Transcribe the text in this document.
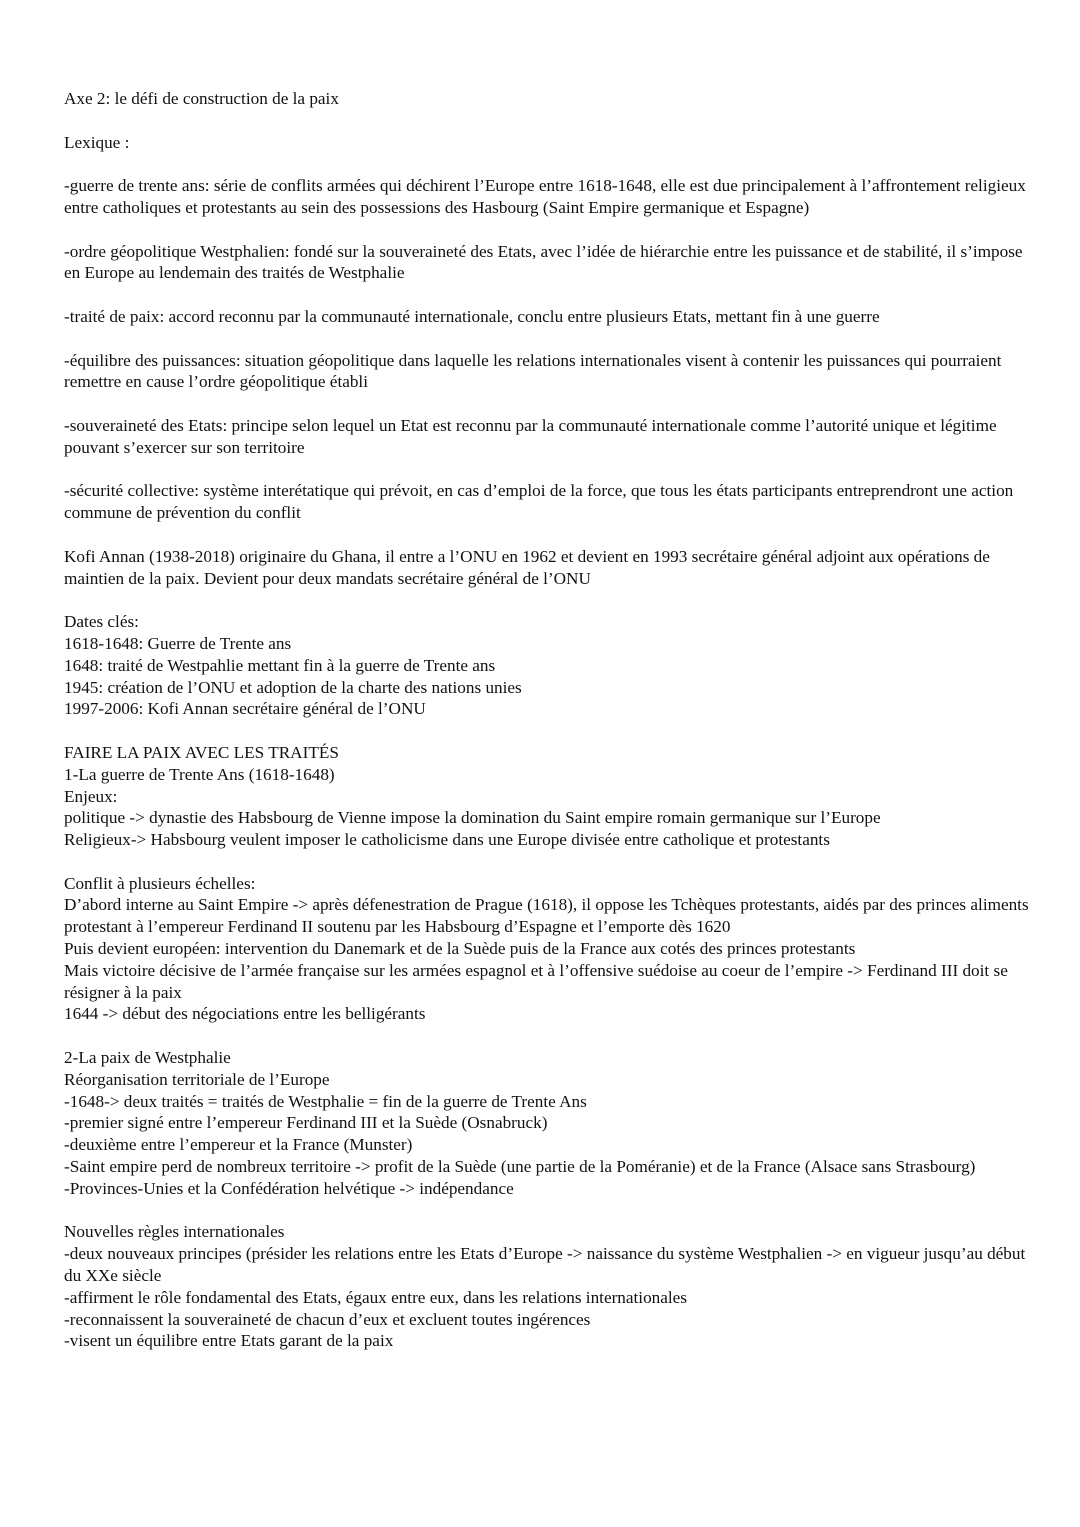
Axe 2: le défi de construction de la paix

Lexique :

-guerre de trente ans: série de conflits armées qui déchirent l’Europe entre 1618-1648, elle est due principalement à l’affrontement religieux entre catholiques et protestants au sein des possessions des Hasbourg (Saint Empire germanique et Espagne)

-ordre géopolitique Westphalien: fondé sur la souveraineté des Etats, avec l’idée de hiérarchie entre les puissance et de stabilité, il s’impose en Europe au lendemain des traités de Westphalie

-traité de paix: accord reconnu par la communauté internationale, conclu entre plusieurs Etats, mettant fin à une guerre

-équilibre des puissances: situation géopolitique dans laquelle les relations internationales visent à contenir les puissances qui pourraient remettre en cause l’ordre géopolitique établi

-souveraineté des Etats: principe selon lequel un Etat est reconnu par la communauté internationale comme l’autorité unique et légitime pouvant s’exercer sur son territoire

-sécurité collective: système interétatique qui prévoit, en cas d’emploi de la force, que tous les états participants entreprendront une action commune de prévention du conflit

Kofi Annan (1938-2018) originaire du Ghana, il entre a l’ONU en 1962 et devient en 1993 secrétaire général adjoint aux opérations de maintien de la paix. Devient pour deux mandats secrétaire général de l’ONU

Dates clés:
1618-1648: Guerre de Trente ans
1648: traité de Westpahlie mettant fin à la guerre de Trente ans
1945: création de l’ONU et adoption de la charte des nations unies
1997-2006: Kofi Annan secrétaire général de l’ONU
FAIRE LA PAIX AVEC LES TRAITÉS
1-La guerre de Trente Ans (1618-1648)
Enjeux:
politique -> dynastie des Habsbourg de Vienne impose la domination du Saint empire romain germanique sur l’Europe
Religieux-> Habsbourg veulent imposer le catholicisme dans une Europe divisée entre catholique et protestants
Conflit à plusieurs échelles:
D’abord interne au Saint Empire -> après défenestration de Prague (1618), il oppose les Tchèques protestants, aidés par des princes aliments protestant à l’empereur Ferdinand II soutenu par les Habsbourg d’Espagne et l’emporte dès 1620
Puis devient européen: intervention du Danemark et de la Suède puis de la France aux cotés des princes protestants
Mais victoire décisive de l’armée française sur les armées espagnol et à l’offensive suédoise au coeur de l’empire -> Ferdinand III doit se résigner à la paix
1644 -> début des négociations entre les belligérants
2-La paix de Westphalie
Réorganisation territoriale de l’Europe
-1648-> deux traités = traités de Westphalie = fin de la guerre de Trente Ans
-premier signé entre l’empereur Ferdinand III et la Suède (Osnabruck)
-deuxième entre l’empereur et la France (Munster)
-Saint empire perd de nombreux territoire -> profit de la Suède (une partie de la Poméranie) et de la France (Alsace sans Strasbourg)
-Provinces-Unies et la Confédération helvétique -> indépendance
Nouvelles règles internationales
-deux nouveaux principes (présider les relations entre les Etats d’Europe -> naissance du système Westphalien -> en vigueur jusqu’au début du XXe siècle
-affirment le rôle fondamental des Etats, égaux entre eux, dans les relations internationales
-reconnaissent la souveraineté de chacun d’eux et excluent toutes ingérences
-visent un équilibre entre Etats garant de la paix
